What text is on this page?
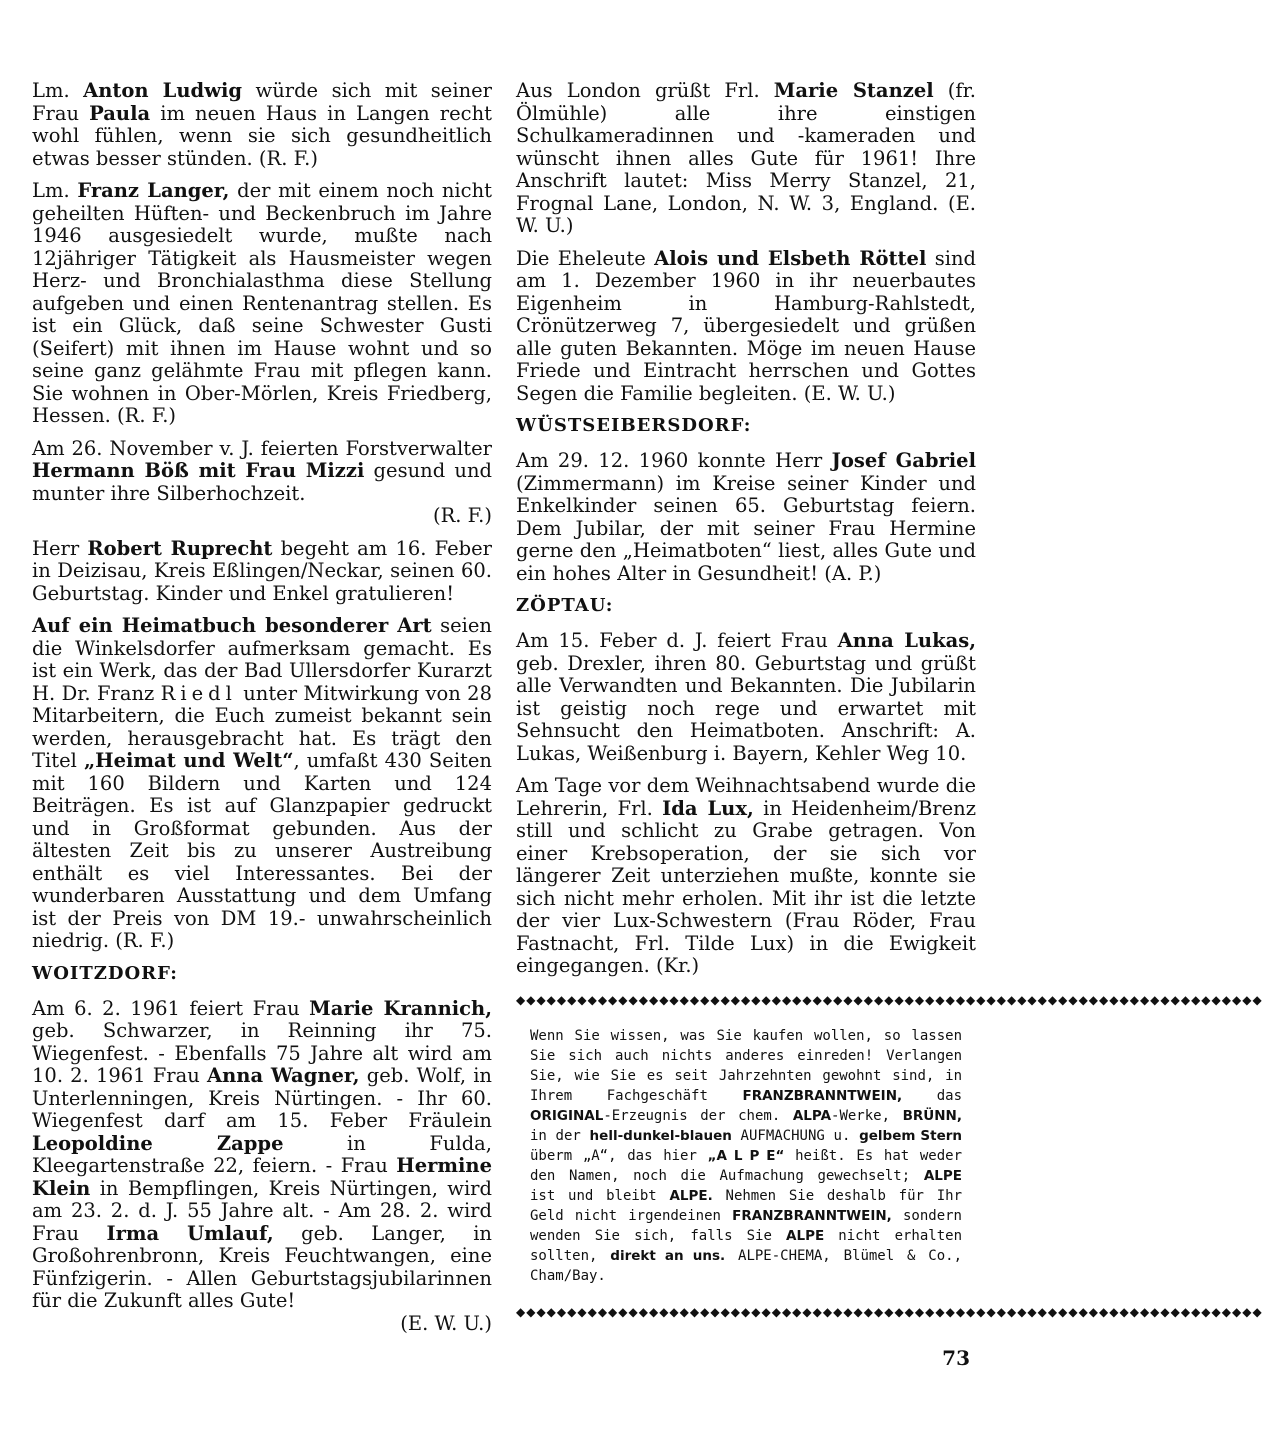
Lm. Anton Ludwig würde sich mit seiner Frau Paula im neuen Haus in Langen recht wohl fühlen, wenn sie sich gesundheitlich etwas besser stünden. (R. F.)

Lm. Franz Langer, der mit einem noch nicht geheilten Hüften- und Beckenbruch im Jahre 1946 ausgesiedelt wurde, mußte nach 12jähriger Tätigkeit als Hausmeister wegen Herz- und Bronchialasthma diese Stellung aufgeben und einen Rentenantrag stellen. Es ist ein Glück, daß seine Schwester Gusti (Seifert) mit ihnen im Hause wohnt und so seine ganz gelähmte Frau mit pflegen kann. Sie wohnen in Ober-Mörlen, Kreis Friedberg, Hessen. (R. F.)

Am 26. November v. J. feierten Forstverwalter Hermann Böß mit Frau Mizzi gesund und munter ihre Silberhochzeit.
(R. F.)

Herr Robert Ruprecht begeht am 16. Feber in Deizisau, Kreis Eßlingen/Neckar, seinen 60. Geburtstag. Kinder und Enkel gratulieren!

Auf ein Heimatbuch besonderer Art seien die Winkelsdorfer aufmerksam gemacht. Es ist ein Werk, das der Bad Ullersdorfer Kurarzt H. Dr. Franz Riedl unter Mitwirkung von 28 Mitarbeitern, die Euch zumeist bekannt sein werden, herausgebracht hat. Es trägt den Titel „Heimat und Welt“, umfaßt 430 Seiten mit 160 Bildern und Karten und 124 Beiträgen. Es ist auf Glanzpapier gedruckt und in Großformat gebunden. Aus der ältesten Zeit bis zu unserer Austreibung enthält es viel Interessantes. Bei der wunderbaren Ausstattung und dem Umfang ist der Preis von DM 19.- unwahrscheinlich niedrig. (R. F.)

WOITZDORF:

Am 6. 2. 1961 feiert Frau Marie Krannich, geb. Schwarzer, in Reinning ihr 75. Wiegenfest. - Ebenfalls 75 Jahre alt wird am 10. 2. 1961 Frau Anna Wagner, geb. Wolf, in Unterlenningen, Kreis Nürtingen. - Ihr 60. Wiegenfest darf am 15. Feber Fräulein Leopoldine Zappe in Fulda, Kleegartenstraße 22, feiern. - Frau Hermine Klein in Bempflingen, Kreis Nürtingen, wird am 23. 2. d. J. 55 Jahre alt. - Am 28. 2. wird Frau Irma Umlauf, geb. Langer, in Großohrenbronn, Kreis Feuchtwangen, eine Fünfzigerin. - Allen Geburtstagsjubilarinnen für die Zukunft alles Gute!
(E. W. U.)

Aus London grüßt Frl. Marie Stanzel (fr. Ölmühle) alle ihre einstigen Schulkameradinnen und -kameraden und wünscht ihnen alles Gute für 1961! Ihre Anschrift lautet: Miss Merry Stanzel, 21, Frognal Lane, London, N. W. 3, England. (E. W. U.)

Die Eheleute Alois und Elsbeth Röttel sind am 1. Dezember 1960 in ihr neuerbautes Eigenheim in Hamburg-Rahlstedt, Crönützerweg 7, übergesiedelt und grüßen alle guten Bekannten. Möge im neuen Hause Friede und Eintracht herrschen und Gottes Segen die Familie begleiten. (E. W. U.)

WÜSTSEIBERSDORF:

Am 29. 12. 1960 konnte Herr Josef Gabriel (Zimmermann) im Kreise seiner Kinder und Enkelkinder seinen 65. Geburtstag feiern. Dem Jubilar, der mit seiner Frau Hermine gerne den „Heimatboten“ liest, alles Gute und ein hohes Alter in Gesundheit! (A. P.)

ZÖPTAU:

Am 15. Feber d. J. feiert Frau Anna Lukas, geb. Drexler, ihren 80. Geburtstag und grüßt alle Verwandten und Bekannten. Die Jubilarin ist geistig noch rege und erwartet mit Sehnsucht den Heimatboten. Anschrift: A. Lukas, Weißenburg i. Bayern, Kehler Weg 10.

Am Tage vor dem Weihnachtsabend wurde die Lehrerin, Frl. Ida Lux, in Heidenheim/Brenz still und schlicht zu Grabe getragen. Von einer Krebsoperation, der sie sich vor längerer Zeit unterziehen mußte, konnte sie sich nicht mehr erholen. Mit ihr ist die letzte der vier Lux-Schwestern (Frau Röder, Frau Fastnacht, Frl. Tilde Lux) in die Ewigkeit eingegangen. (Kr.)

◆◆◆◆◆◆◆◆◆◆◆◆◆◆◆◆◆◆◆◆◆◆◆◆◆◆◆◆◆◆◆◆◆◆◆◆◆◆◆◆◆◆◆◆◆◆◆◆◆◆◆◆◆◆◆◆◆◆◆◆◆◆◆◆◆◆◆◆◆◆◆◆◆
Wenn Sie wissen, was Sie kaufen wollen, so lassen Sie sich auch nichts anderes einreden! Verlangen Sie, wie Sie es seit Jahrzehnten gewohnt sind, in Ihrem Fachgeschäft FRANZBRANNTWEIN, das ORIGINAL-Erzeugnis der chem. ALPA-Werke, BRÜNN, in der hell-dunkel-blauen AUFMACHUNG u. gelbem Stern überm „A“, das hier „A L P E“ heißt. Es hat weder den Namen, noch die Aufmachung gewechselt; ALPE ist und bleibt ALPE. Nehmen Sie deshalb für Ihr Geld nicht irgendeinen FRANZBRANNTWEIN, sondern wenden Sie sich, falls Sie ALPE nicht erhalten sollten, direkt an uns. ALPE-CHEMA, Blümel & Co., Cham/Bay.
◆◆◆◆◆◆◆◆◆◆◆◆◆◆◆◆◆◆◆◆◆◆◆◆◆◆◆◆◆◆◆◆◆◆◆◆◆◆◆◆◆◆◆◆◆◆◆◆◆◆◆◆◆◆◆◆◆◆◆◆◆◆◆◆◆◆◆◆◆◆◆◆◆
73
